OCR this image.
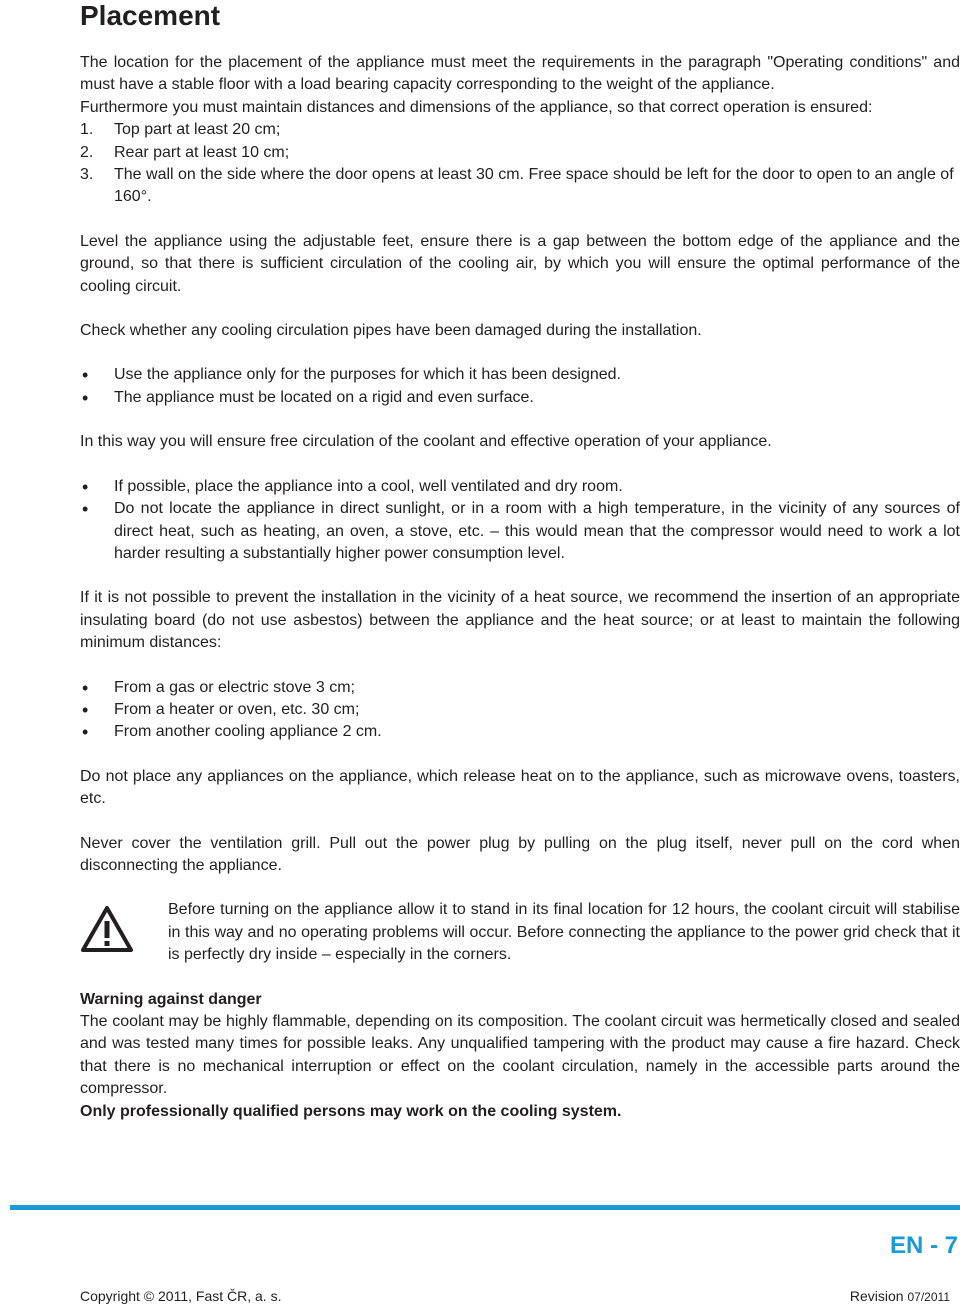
Placement

The location for the placement of the appliance must meet the requirements in the paragraph "Operating conditions" and must have a stable floor with a load bearing capacity corresponding to the weight of the appliance.

Furthermore you must maintain distances and dimensions of the appliance, so that correct operation is ensured:

1. Top part at least 20 cm;
2. Rear part at least 10 cm;
3. The wall on the side where the door opens at least 30 cm. Free space should be left for the door to open to an angle of 160°.

Level the appliance using the adjustable feet, ensure there is a gap between the bottom edge of the appliance and the ground, so that there is sufficient circulation of the cooling air, by which you will ensure the optimal performance of the cooling circuit.

Check whether any cooling circulation pipes have been damaged during the installation.

• Use the appliance only for the purposes for which it has been designed.
• The appliance must be located on a rigid and even surface.

In this way you will ensure free circulation of the coolant and effective operation of your appliance.

• If possible, place the appliance into a cool, well ventilated and dry room.
• Do not locate the appliance in direct sunlight, or in a room with a high temperature, in the vicinity of any sources of direct heat, such as heating, an oven, a stove, etc. – this would mean that the compressor would need to work a lot harder resulting a substantially higher power consumption level.

If it is not possible to prevent the installation in the vicinity of a heat source, we recommend the insertion of an appropriate insulating board (do not use asbestos) between the appliance and the heat source; or at least to maintain the following minimum distances:

• From a gas or electric stove 3 cm;
• From a heater or oven, etc. 30 cm;
• From another cooling appliance 2 cm.

Do not place any appliances on the appliance, which release heat on to the appliance, such as microwave ovens, toasters, etc.

Never cover the ventilation grill. Pull out the power plug by pulling on the plug itself, never pull on the cord when disconnecting the appliance.

Before turning on the appliance allow it to stand in its final location for 12 hours, the coolant circuit will stabilise in this way and no operating problems will occur. Before connecting the appliance to the power grid check that it is perfectly dry inside – especially in the corners.

Warning against danger

The coolant may be highly flammable, depending on its composition. The coolant circuit was hermetically closed and sealed and was tested many times for possible leaks. Any unqualified tampering with the product may cause a fire hazard. Check that there is no mechanical interruption or effect on the coolant circulation, namely in the accessible parts around the compressor.

Only professionally qualified persons may work on the cooling system.

EN - 7
Copyright © 2011, Fast ČR, a. s.	Revision 07/2011
